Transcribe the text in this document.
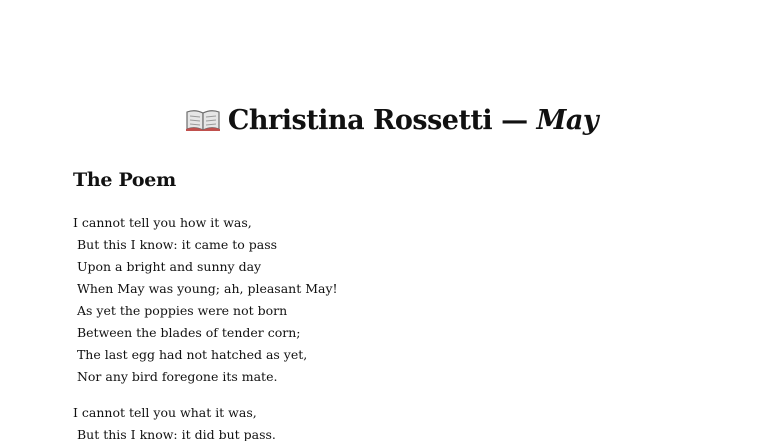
Christina Rossetti — May
The Poem

I cannot tell you how it was,
But this I know: it came to pass
Upon a bright and sunny day
When May was young; ah, pleasant May!
As yet the poppies were not born
Between the blades of tender corn;
The last egg had not hatched as yet,
Nor any bird foregone its mate.

I cannot tell you what it was,
But this I know: it did but pass.
